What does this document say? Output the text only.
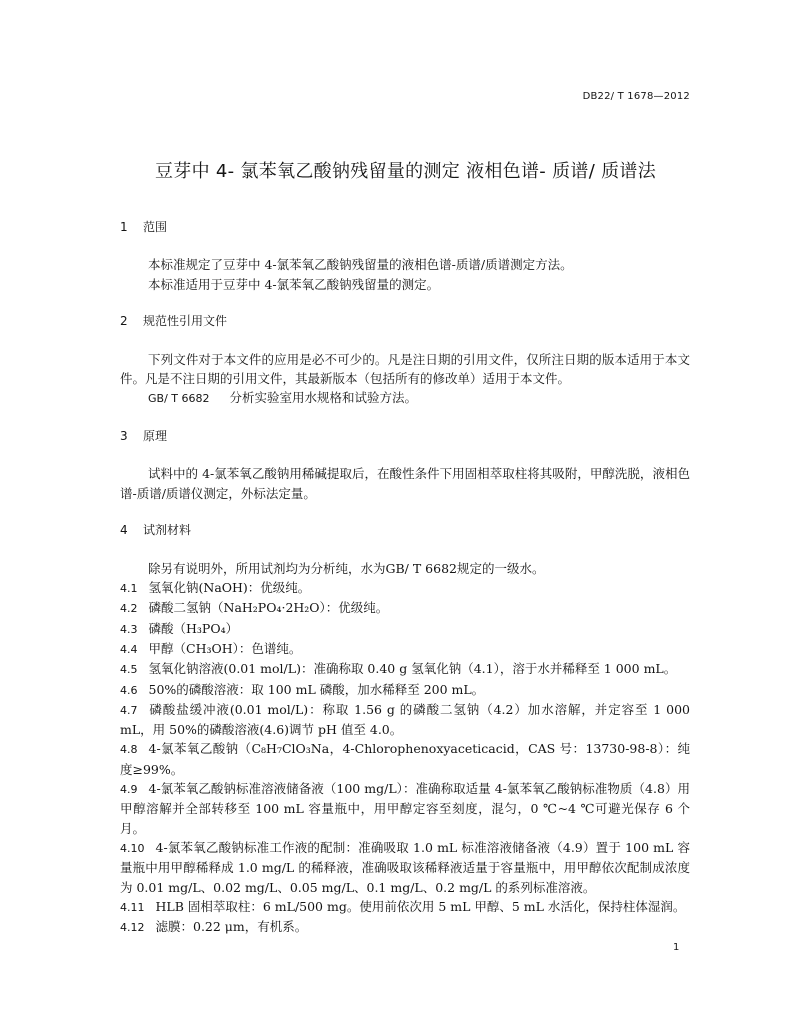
DB22/ T 1678—2012
豆芽中 4- 氯苯氧乙酸钠残留量的测定 液相色谱- 质谱/ 质谱法
1 范围

本标准规定了豆芽中 4-氯苯氧乙酸钠残留量的液相色谱-质谱/质谱测定方法。

本标准适用于豆芽中 4-氯苯氧乙酸钠残留量的测定。

2 规范性引用文件

下列文件对于本文件的应用是必不可少的。凡是注日期的引用文件，仅所注日期的版本适用于本文件。凡是不注日期的引用文件，其最新版本（包括所有的修改单）适用于本文件。

GB/ T 6682 分析实验室用水规格和试验方法。
3 原理

试料中的 4-氯苯氧乙酸钠用稀碱提取后，在酸性条件下用固相萃取柱将其吸附，甲醇洗脱，液相色谱-质谱/质谱仪测定，外标法定量。

4 试剂材料

除另有说明外，所用试剂均为分析纯，水为GB/ T 6682规定的一级水。

4.1 氢氧化钠(NaOH)：优级纯。

4.2 磷酸二氢钠（NaH₂PO₄·2H₂O）：优级纯。

4.3 磷酸（H₃PO₄）

4.4 甲醇（CH₃OH）：色谱纯。

4.5 氢氧化钠溶液(0.01 mol/L)：准确称取 0.40 g 氢氧化钠（4.1），溶于水并稀释至 1 000 mL。

4.6 50%的磷酸溶液：取 100 mL 磷酸，加水稀释至 200 mL。

4.7 磷酸盐缓冲液(0.01 mol/L)：称取 1.56 g 的磷酸二氢钠（4.2）加水溶解，并定容至 1 000 mL，用 50%的磷酸溶液(4.6)调节 pH 值至 4.0。

4.8 4-氯苯氧乙酸钠（C₈H₇ClO₃Na，4-Chlorophenoxyaceticacid，CAS 号：13730-98-8）：纯度≥99%。

4.9 4-氯苯氧乙酸钠标准溶液储备液（100 mg/L）：准确称取适量 4-氯苯氧乙酸钠标准物质（4.8）用甲醇溶解并全部转移至 100 mL 容量瓶中，用甲醇定容至刻度，混匀，0 ℃~4 ℃可避光保存 6 个月。

4.10 4-氯苯氧乙酸钠标准工作液的配制：准确吸取 1.0 mL 标准溶液储备液（4.9）置于 100 mL 容量瓶中用甲醇稀释成 1.0 mg/L 的稀释液，准确吸取该稀释液适量于容量瓶中，用甲醇依次配制成浓度为 0.01 mg/L、0.02 mg/L、0.05 mg/L、0.1 mg/L、0.2 mg/L 的系列标准溶液。

4.11 HLB 固相萃取柱：6 mL/500 mg。使用前依次用 5 mL 甲醇、5 mL 水活化，保持柱体湿润。

4.12 滤膜：0.22 μm，有机系。

1
